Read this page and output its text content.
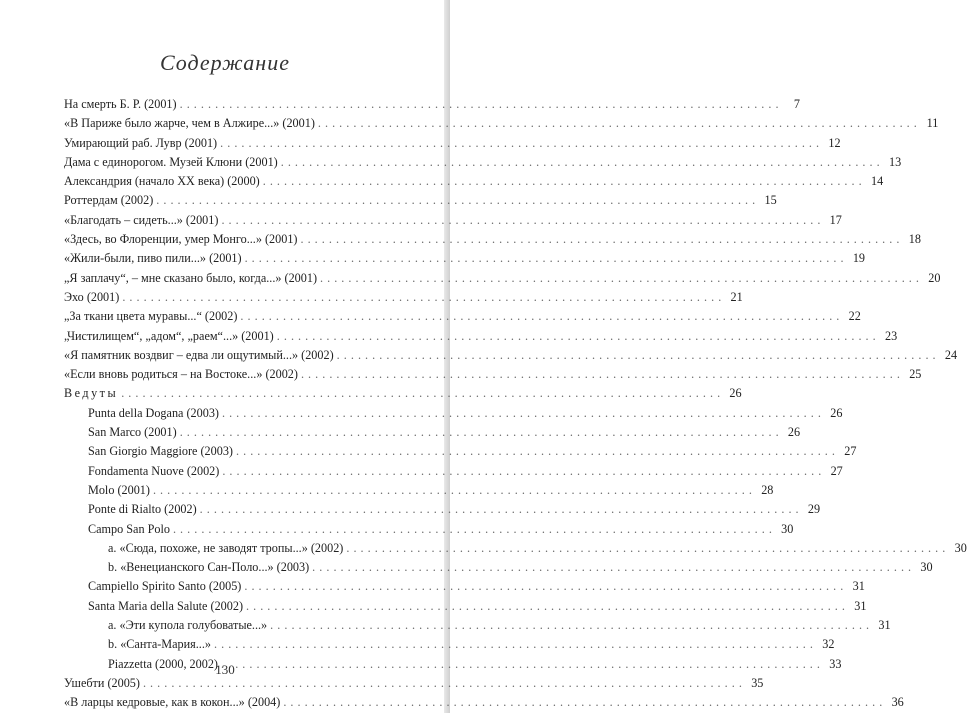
Содержание
На смерть Б. Р. (2001) . . .	7
«В Париже было жарче, чем в Алжире...» (2001) . . .	11
Умирающий раб. Лувр (2001) . . .	12
Дама с единорогом. Музей Клюни (2001) . . .	13
Александрия (начало XX века) (2000) . . .	14
Роттердам (2002) . . .	15
«Благодать – сидеть...» (2001) . . .	17
«Здесь, во Флоренции, умер Монго...» (2001) . . .	18
«Жили-были, пиво пили...» (2001) . . .	19
„Я заплачу“, – мне сказано было, когда...» (2001) . . .	20
Эхо (2001) . . .	21
„За ткани цвета муравы...“ (2002) . . .	22
„Чистилищем“, „адом“, „раем“...» (2001) . . .	23
«Я памятник воздвиг – едва ли ощутимый...» (2002) . . .	24
«Если вновь родиться – на Востоке...» (2002) . . .	25
Ведуты . . .	26
Punta della Dogana (2003) . . .	26
San Marco (2001) . . .	26
San Giorgio Maggiore (2003) . . .	27
Fondamenta Nuove (2002) . . .	27
Molo (2001) . . .	28
Ponte di Rialto (2002) . . .	29
Campo San Polo . . .	30
a. «Сюда, похоже, не заводят тропы...» (2002) . . .	30
b. «Венецианского Сан-Поло...» (2003) . . .	30
Campiello Spirito Santo (2005) . . .	31
Santa Maria della Salute (2002) . . .	31
a. «Эти купола голубоватые...» . . .	31
b. «Санта-Мария...» . . .	32
Piazzetta (2000, 2002) . . .	33
Ушебти (2005) . . .	35
«В ларцы кедровые, как в кокон...» (2004) . . .	36
130
